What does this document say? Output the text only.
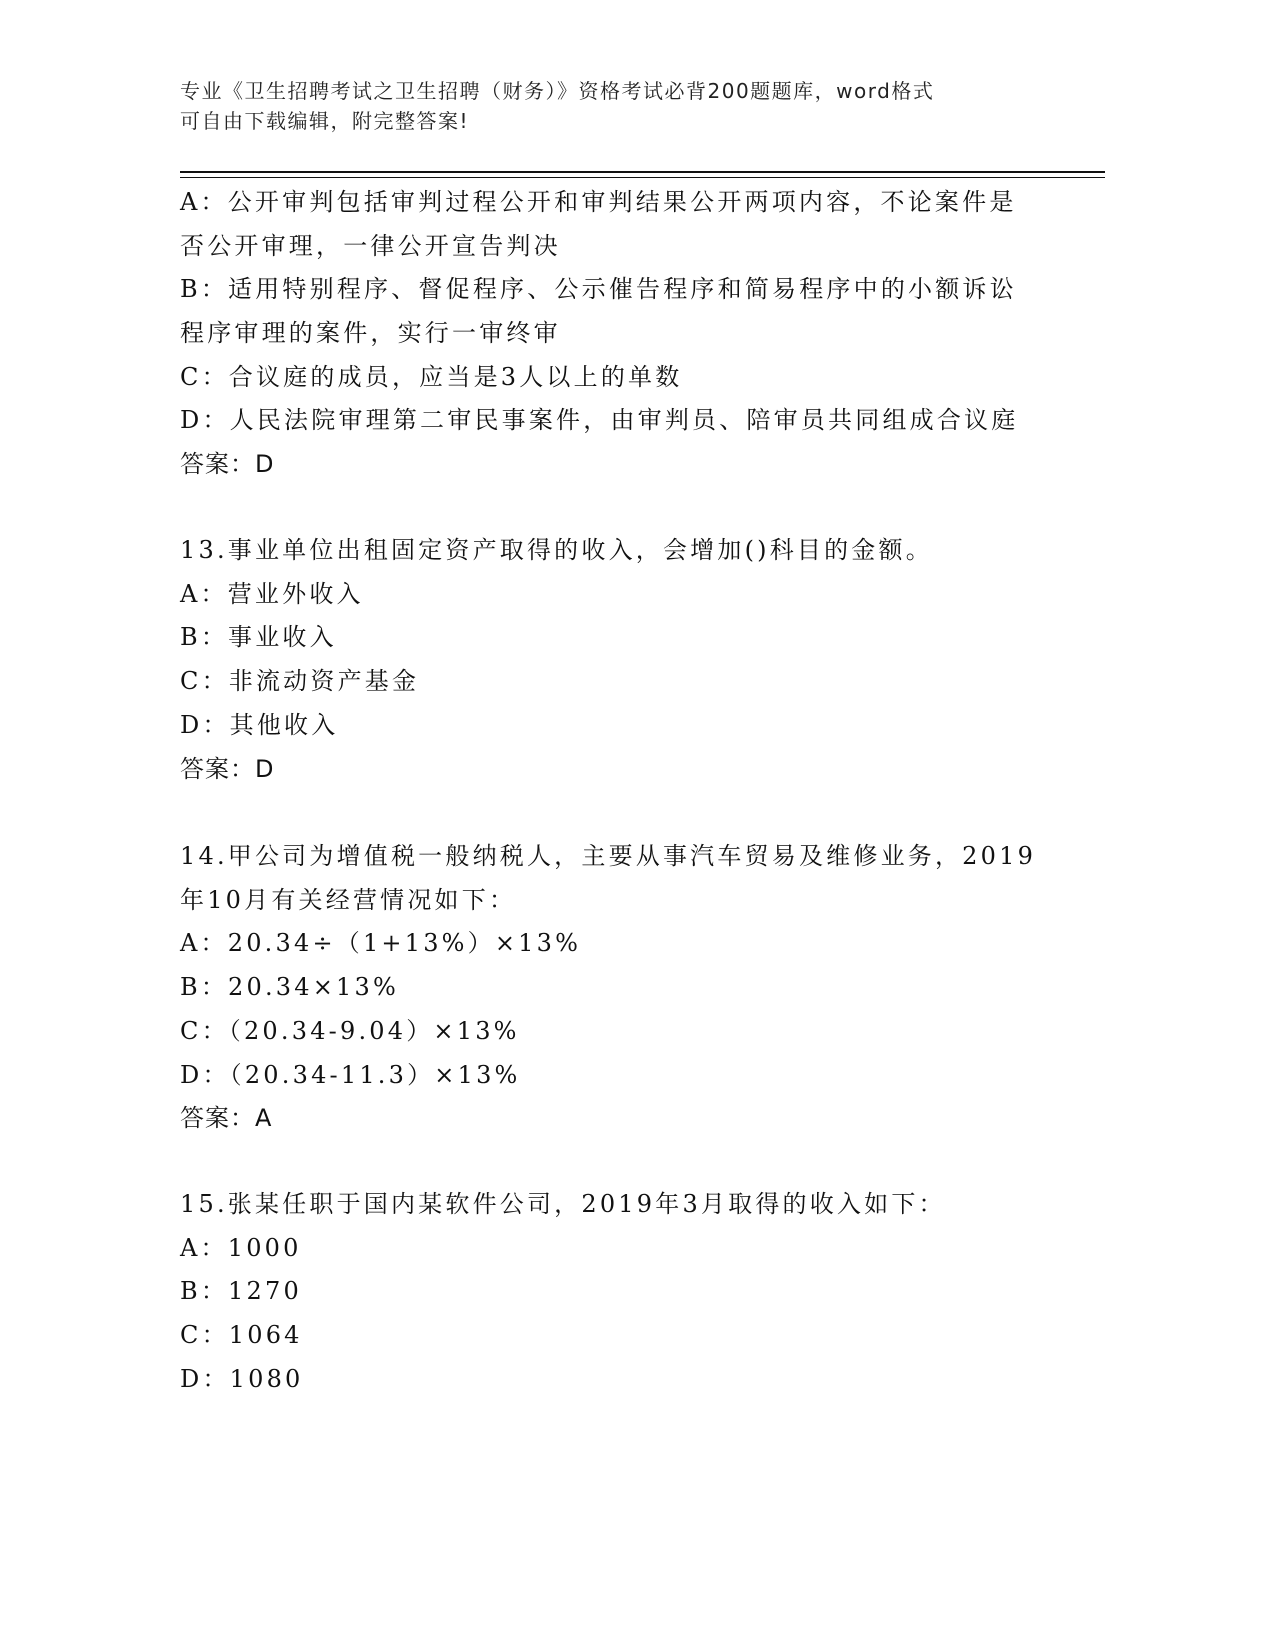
专业《卫生招聘考试之卫生招聘（财务）》资格考试必背200题题库，word格式
可自由下载编辑，附完整答案!
A：公开审判包括审判过程公开和审判结果公开两项内容，不论案件是
否公开审理，一律公开宣告判决
B：适用特别程序、督促程序、公示催告程序和简易程序中的小额诉讼
程序审理的案件，实行一审终审
C：合议庭的成员，应当是3人以上的单数
D：人民法院审理第二审民事案件，由审判员、陪审员共同组成合议庭
答案：D
13.事业单位出租固定资产取得的收入，会增加()科目的金额。
A：营业外收入
B：事业收入
C：非流动资产基金
D：其他收入
答案：D
14.甲公司为增值税一般纳税人，主要从事汽车贸易及维修业务，2019
年10月有关经营情况如下：
A：20.34÷（1+13%）×13%
B：20.34×13%
C：（20.34-9.04）×13%
D：（20.34-11.3）×13%
答案：A
15.张某任职于国内某软件公司，2019年3月取得的收入如下：
A：1000
B：1270
C：1064
D：1080
